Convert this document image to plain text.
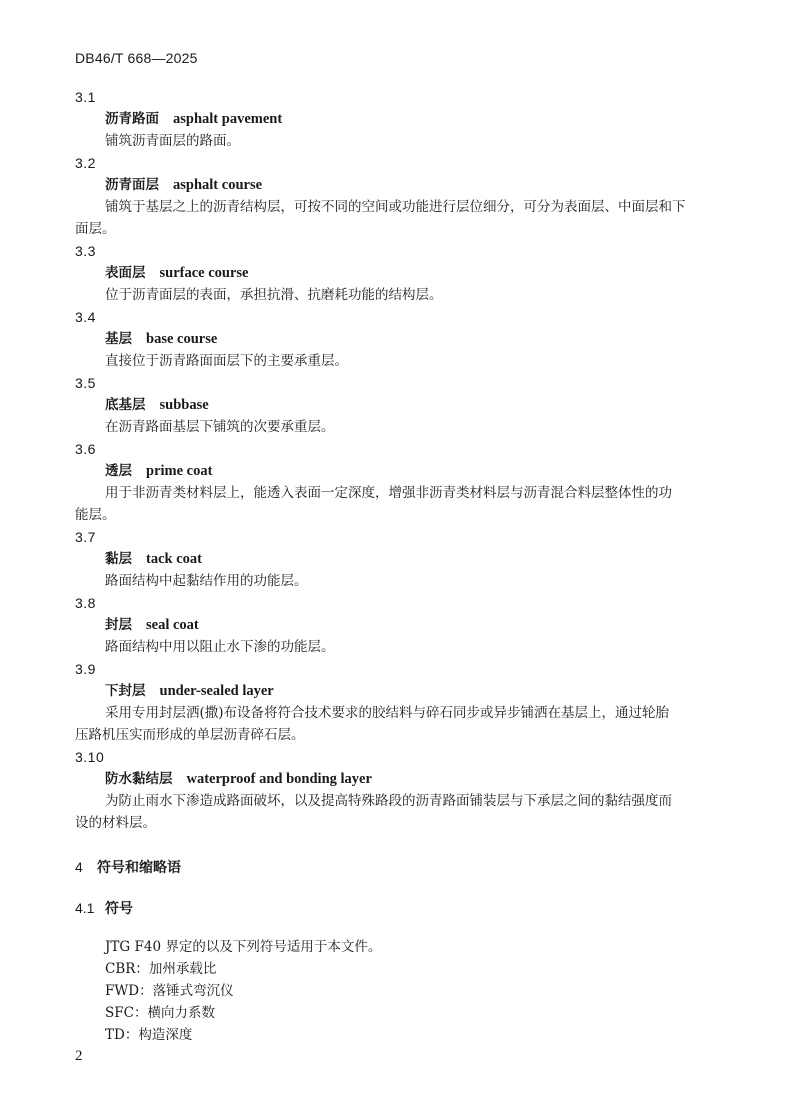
DB46/T 668—2025
3.1
沥青路面 asphalt pavement
铺筑沥青面层的路面。
3.2
沥青面层 asphalt course
铺筑于基层之上的沥青结构层，可按不同的空间或功能进行层位细分，可分为表面层、中面层和下
面层。
3.3
表面层 surface course
位于沥青面层的表面，承担抗滑、抗磨耗功能的结构层。
3.4
基层 base course
直接位于沥青路面面层下的主要承重层。
3.5
底基层 subbase
在沥青路面基层下铺筑的次要承重层。
3.6
透层 prime coat
用于非沥青类材料层上，能透入表面一定深度，增强非沥青类材料层与沥青混合料层整体性的功
能层。
3.7
黏层 tack coat
路面结构中起黏结作用的功能层。
3.8
封层 seal coat
路面结构中用以阻止水下渗的功能层。
3.9
下封层 under-sealed layer
采用专用封层洒(撒)布设备将符合技术要求的胶结料与碎石同步或异步铺洒在基层上，通过轮胎
压路机压实而形成的单层沥青碎石层。
3.10
防水黏结层 waterproof and bonding layer
为防止雨水下渗造成路面破坏，以及提高特殊路段的沥青路面铺装层与下承层之间的黏结强度而
设的材料层。
4 符号和缩略语
4.1 符号
JTG F40 界定的以及下列符号适用于本文件。
CBR：加州承载比
FWD：落锤式弯沉仪
SFC：横向力系数
TD：构造深度
2
